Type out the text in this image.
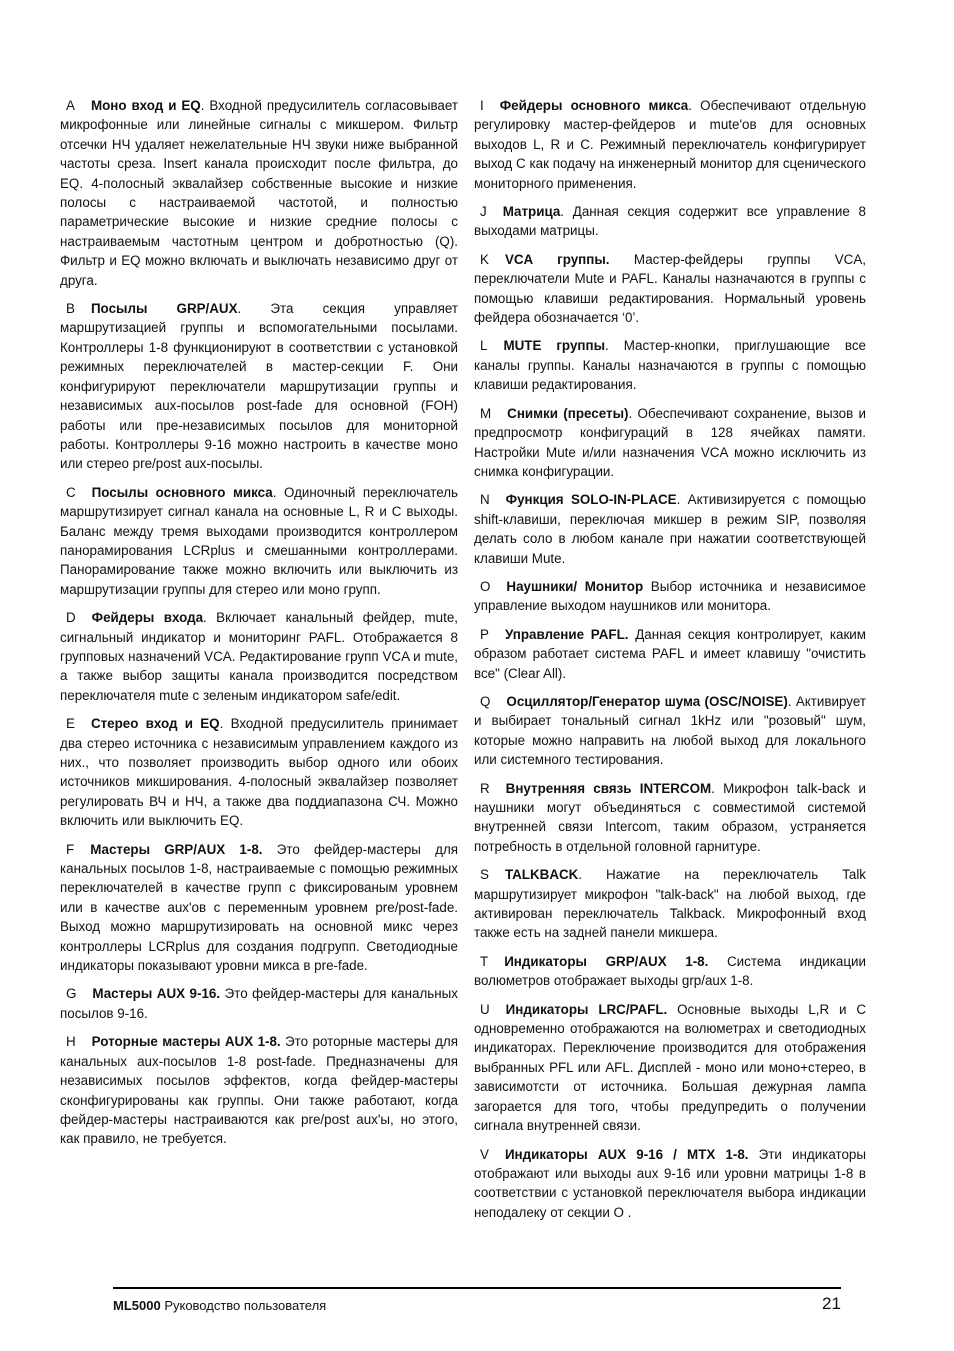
A Моно вход и EQ. Входной предусилитель согласовывает микрофонные или линейные сигналы с микшером. Фильтр отсечки НЧ удаляет нежелательные НЧ звуки ниже выбранной частоты среза. Insert канала происходит после фильтра, до EQ. 4-полосный эквалайзер собственные высокие и низкие полосы с настраиваемой частотой, и полностью параметрические высокие и низкие средние полосы с настраиваемым частотным центром и добротностью (Q). Фильтр и EQ можно включать и выключать независимо друг от друга.

B Посылы GRP/AUX. Эта секция управляет маршрутизацией группы и вспомогательными посылами. Контроллеры 1-8 функционируют в соответствии с установкой режимных переключателей в мастер-секции F. Они конфигурируют переключатели маршрутизации группы и независимых aux-посылов post-fade для основной (FOH) работы или пре-независимых посылов для мониторной работы. Контроллеры 9-16 можно настроить в качестве моно или стерео pre/post aux-посылы.

C Посылы основного микса. Одиночный переключатель маршрутизирует сигнал канала на основные L, R и C выходы. Баланс между тремя выходами производится контроллером панорамирования LCRplus и смешанными контроллерами. Панорамирование также можно включить или выключить из маршрутизации группы для стерео или моно групп.

D Фейдеры входа. Включает канальный фейдер, mute, сигнальный индикатор и мониторинг PAFL. Отображается 8 групповых назначений VCA. Редактирование групп VCA и mute, а также выбор защиты канала производится посредством переключателя mute с зеленым индикатором safe/edit.

E Стерео вход и EQ. Входной предусилитель принимает два стерео источника с независимым управлением каждого из них., что позволяет производить выбор одного или обоих источников микширования. 4-полосный эквалайзер позволяет регулировать ВЧ и НЧ, а также два поддиапазона СЧ. Можно включить или выключить EQ.

F Мастеры GRP/AUX 1-8. Это фейдер-мастеры для канальных посылов 1-8, настраиваемые с помощью режимных переключателей в качестве групп с фиксированым уровнем или в качестве aux'ов с переменным уровнем pre/post-fade. Выход можно маршрутизировать на основной микс через контроллеры LCRplus для создания подгрупп. Светодиодные индикаторы показывают уровни микса в pre-fade.

G Мастеры AUX 9-16. Это фейдер-мастеры для канальных посылов 9-16.

H Роторные мастеры AUX 1-8. Это роторные мастеры для канальных aux-посылов 1-8 post-fade. Предназначены для независимых посылов эффектов, когда фейдер-мастеры сконфигурированы как группы. Они также работают, когда фейдер-мастеры настраиваются как pre/post aux'ы, но этого, как правило, не требуется.

I Фейдеры основного микса. Обеспечивают отдельную регулировку мастер-фейдеров и mute'ов для основных выходов L, R и C. Режимный переключатель конфигурирует выход C как подачу на инженерный монитор для сценического мониторного применения.

J Матрица. Данная секция содержит все управление 8 выходами матрицы.

K VCA группы. Мастер-фейдеры группы VCA, переключатели Mute и PAFL. Каналы назначаются в группы с помощью клавиши редактирования. Нормальный уровень фейдера обозначается ‘0’.

L MUTE группы. Мастер-кнопки, приглушающие все каналы группы. Каналы назначаются в группы с помощью клавиши редактирования.

M Снимки (пресеты). Обеспечивают сохранение, вызов и предпросмотр конфигураций в 128 ячейках памяти. Настройки Mute и/или назначения VCA можно исключить из снимка конфигурации.

N Функция SOLO-IN-PLACE. Активизируется с помощью shift-клавиши, переключая микшер в режим SIP, позволяя делать соло в любом канале при нажатии соответствующей клавиши Mute.

O Наушники/ Монитор Выбор источника и независимое управление выходом наушников или монитора.

P Управление PAFL. Данная секция контролирует, каким образом работает система PAFL и имеет клавишу "очистить все" (Clear All).

Q Осциллятор/Генератор шума (OSC/NOISE). Активирует и выбирает тональный сигнал 1kHz или "розовый" шум, которые можно направить на любой выход для локального или системного тестирования.

R Внутренняя связь INTERCOM. Микрофон talk-back и наушники могут объединяться с совместимой системой внутренней связи Intercom, таким образом, устраняется потребность в отдельной головной гарнитуре.

S TALKBACK. Нажатие на переключатель Talk маршрутизирует микрофон "talk-back" на любой выход, где активирован переключатель Talkback. Микрофонный вход также есть на задней панели микшера.

T Индикаторы GRP/AUX 1-8. Система индикации волюметров отображает выходы grp/aux 1-8.

U Индикаторы LRC/PAFL. Основные выходы L,R и C одновременно отображаются на волюметрах и светодиодных индикаторах. Переключение производится для отображения выбранных PFL или AFL. Дисплей - моно или моно+стерео, в зависимотсти от источника. Большая дежурная лампа загорается для того, чтобы предупредить о получении сигнала внутренней связи.

V Индикаторы AUX 9-16 / MTX 1-8. Эти индикаторы отображают или выходы aux 9-16 или уровни матрицы 1-8 в соответствии с установкой переключателя выбора индикации неподалеку от секции O .

ML5000 Руководство пользователя	21
